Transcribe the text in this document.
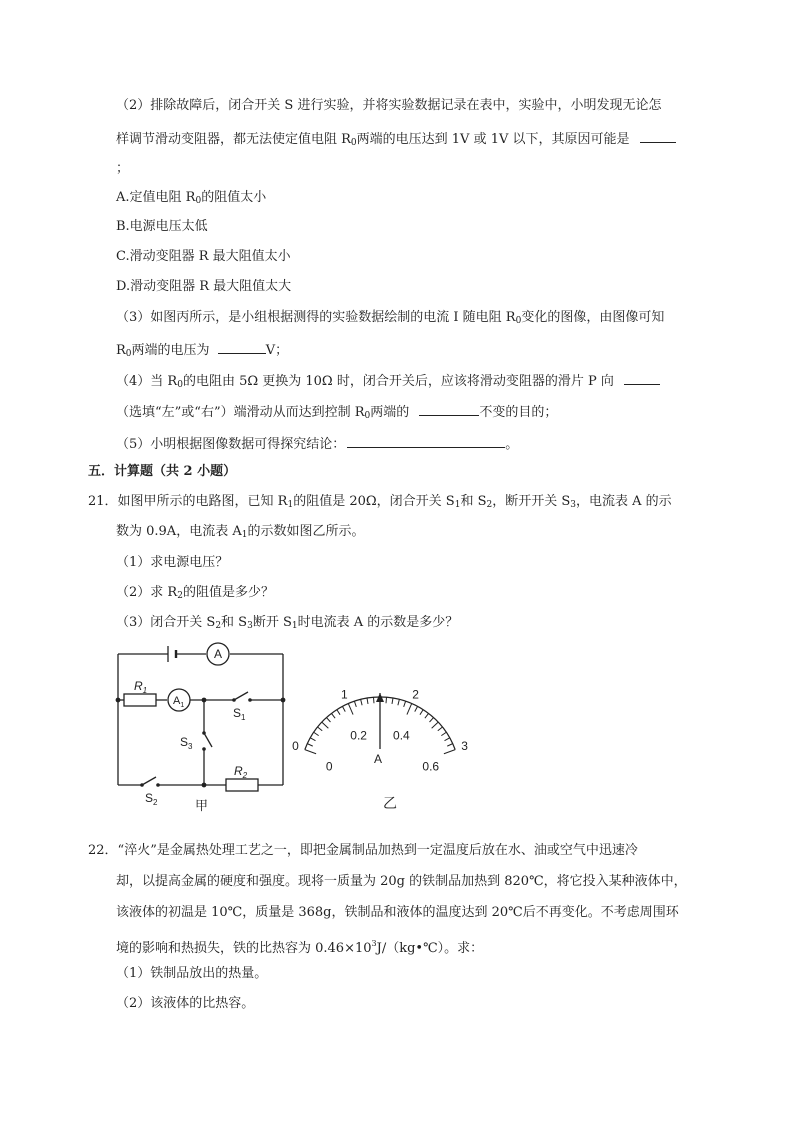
（2）排除故障后，闭合开关 S 进行实验，并将实验数据记录在表中，实验中，小明发现无论怎
样调节滑动变阻器，都无法使定值电阻 $R_0$两端的电压达到 1V 或 1V 以下，其原因可能是
；
A.定值电阻 $R_0$的阻值太小
B.电源电压太低
C.滑动变阻器 R 最大阻值太小
D.滑动变阻器 R 最大阻值太大
（3）如图丙所示，是小组根据测得的实验数据绘制的电流 I 随电阻 $R_0$变化的图像，由图像可知
$R_0$两端的电压为	V；
（4）当 $R_0$的电阻由 5Ω 更换为 10Ω 时，闭合开关后，应该将滑动变阻器的滑片 P 向
（选填“左”或“右”）端滑动从而达到控制 $R_0$两端的	不变的目的；
（5）小明根据图像数据可得探究结论：	。
五．计算题（共 2 小题）
21．如图甲所示的电路图，已知 $R_1$的阻值是 20Ω，闭合开关 $S_1$和 $S_2$，断开开关 $S_3$，电流表 A 的示
数为 0.9A，电流表 $A_1$的示数如图乙所示。
（1）求电源电压？
（2）求 $R_2$的阻值是多少？
（3）闭合开关 $S_2$和 $S_3$断开 $S_1$时电流表 A 的示数是多少？
A
$A_1$
$R_1$
$R_2$
$S_1$
$S_3$
$S_2$	甲
0
1	2
3
0
0.2 0.4
0.6
A
乙
22．“淬火”是金属热处理工艺之一，即把金属制品加热到一定温度后放在水、油或空气中迅速冷
却，以提高金属的硬度和强度。现将一质量为 20g 的铁制品加热到 820℃，将它投入某种液体中，
该液体的初温是 10℃，质量是 368g，铁制品和液体的温度达到 20℃后不再变化。不考虑周围环
境的影响和热损失，铁的比热容为 $0.46\times 10^3J/(kg•℃)$。求：
（1）铁制品放出的热量。
（2）该液体的比热容。
